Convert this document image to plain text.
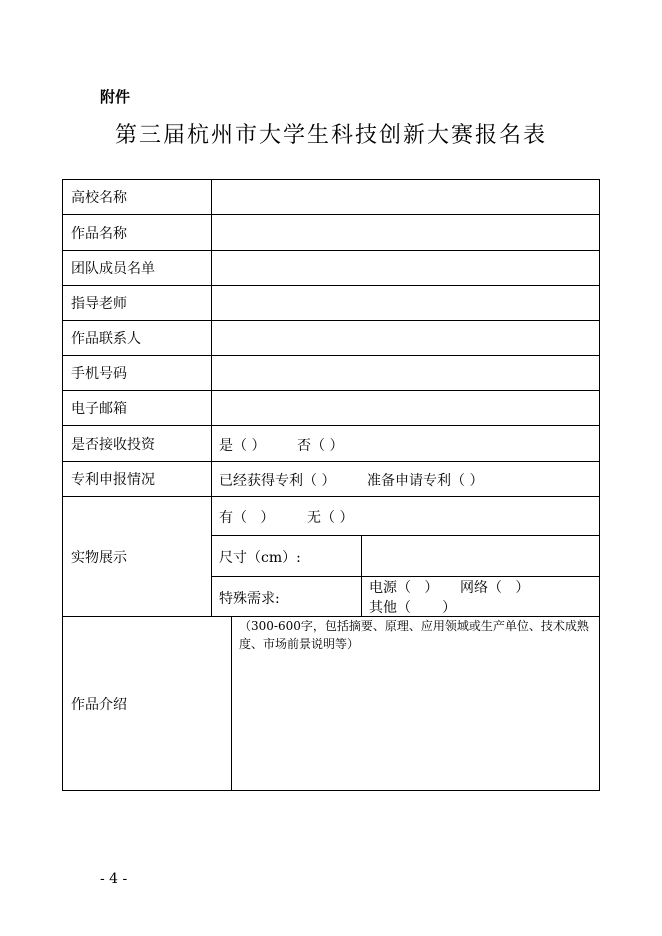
附件
第三届杭州市大学生科技创新大赛报名表
高校名称
作品名称
团队成员名单
指导老师
作品联系人
手机号码
电子邮箱
是否接收投资	是（ ） 否（ ）
专利申报情况	已经获得专利（ ） 准备申请专利（ ）
实物展示
有（   ） 无（ ）
尺寸（cm）:
特殊需求:
电源（   ） 网络（   ）
其他（       ）
作品介绍
（300-600字，包括摘要、原理、应用领域或生产单位、技术成熟度、市场前景说明等）
- 4 -
